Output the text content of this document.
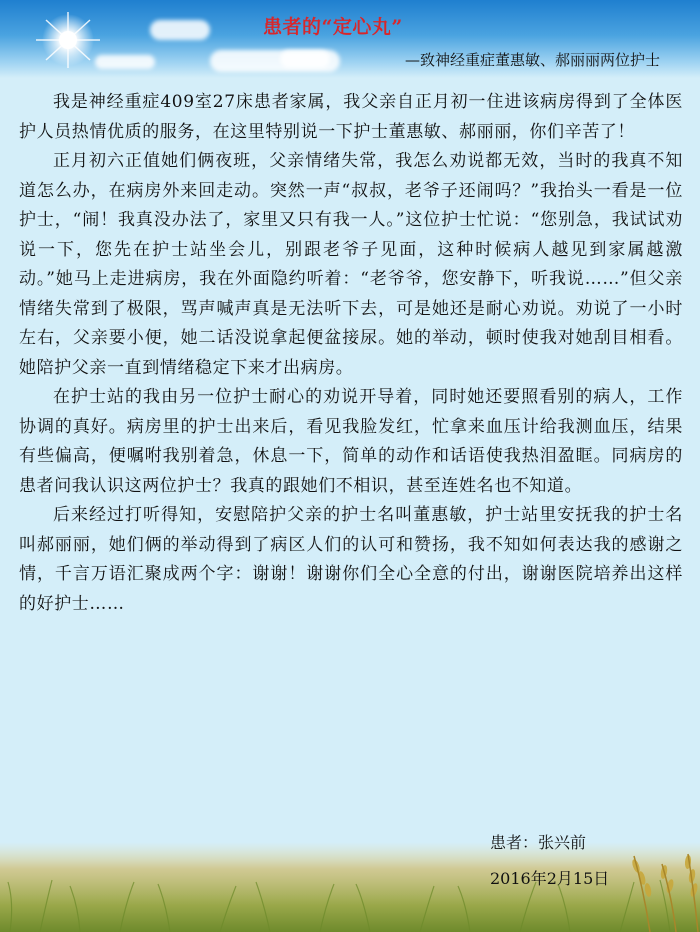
患者的“定心丸”
—致神经重症董惠敏、郝丽丽两位护士

我是神经重症409室27床患者家属，我父亲自正月初一住进该病房得到了全体医护人员热情优质的服务，在这里特别说一下护士董惠敏、郝丽丽，你们辛苦了！

正月初六正值她们俩夜班，父亲情绪失常，我怎么劝说都无效，当时的我真不知道怎么办，在病房外来回走动。突然一声“叔叔，老爷子还闹吗？”我抬头一看是一位护士，“闹！我真没办法了，家里又只有我一人。”这位护士忙说：“您别急，我试试劝说一下，您先在护士站坐会儿，别跟老爷子见面，这种时候病人越见到家属越激动。”她马上走进病房，我在外面隐约听着：“老爷爷，您安静下，听我说……”但父亲情绪失常到了极限，骂声喊声真是无法听下去，可是她还是耐心劝说。劝说了一小时左右，父亲要小便，她二话没说拿起便盆接尿。她的举动，顿时使我对她刮目相看。她陪护父亲一直到情绪稳定下来才出病房。

在护士站的我由另一位护士耐心的劝说开导着，同时她还要照看别的病人，工作协调的真好。病房里的护士出来后，看见我脸发红，忙拿来血压计给我测血压，结果有些偏高，便嘱咐我别着急，休息一下，简单的动作和话语使我热泪盈眶。同病房的患者问我认识这两位护士？我真的跟她们不相识，甚至连姓名也不知道。

后来经过打听得知，安慰陪护父亲的护士名叫董惠敏，护士站里安抚我的护士名叫郝丽丽，她们俩的举动得到了病区人们的认可和赞扬，我不知如何表达我的感谢之情，千言万语汇聚成两个字：谢谢！谢谢你们全心全意的付出，谢谢医院培养出这样的好护士……

患者：张兴前
2016年2月15日
